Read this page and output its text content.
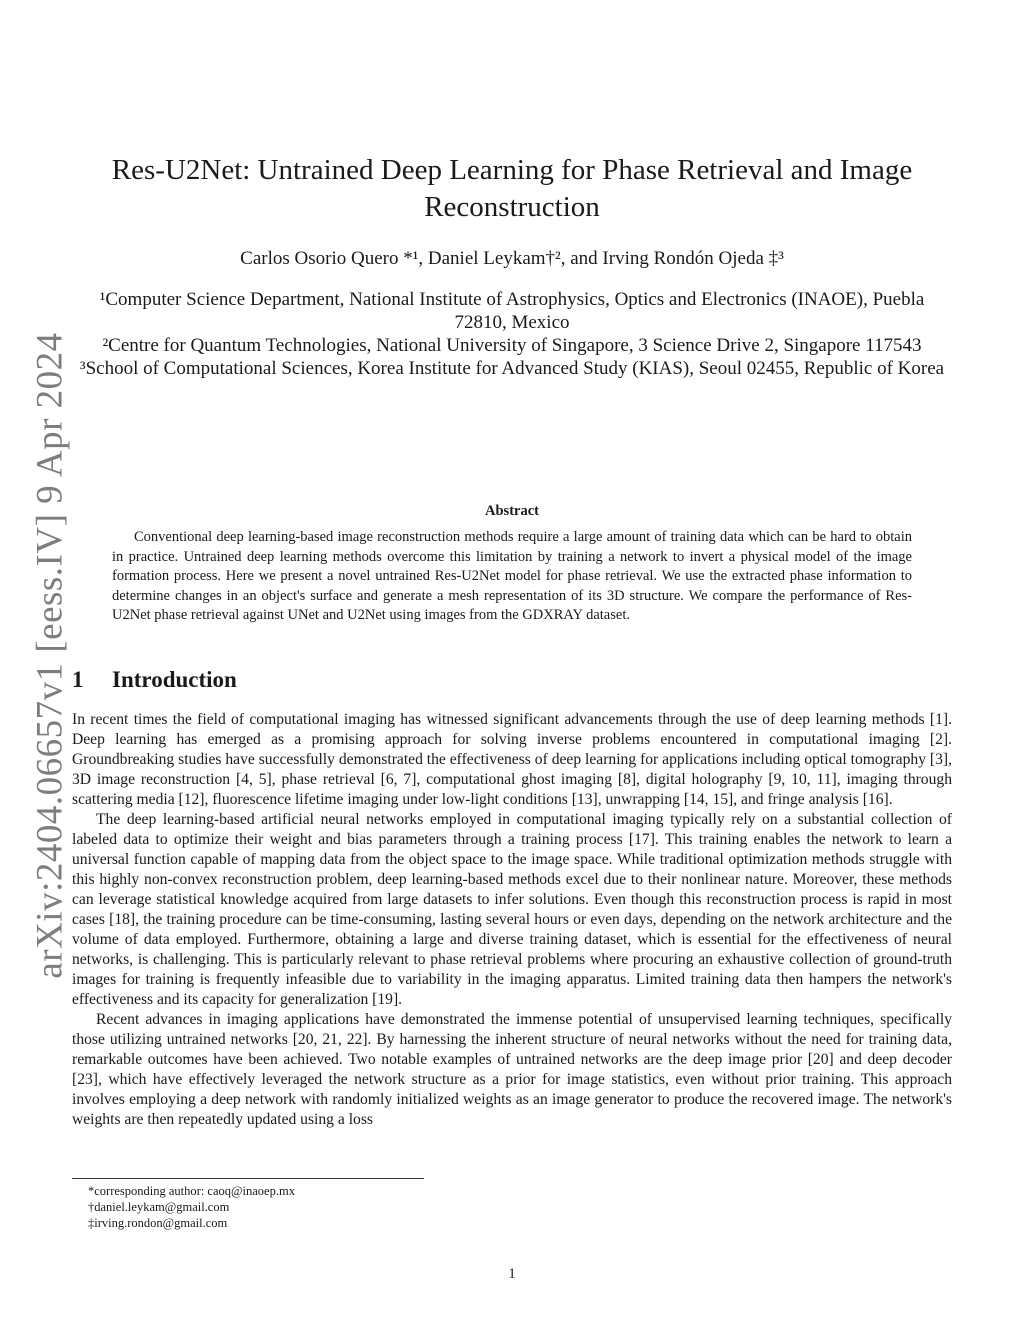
arXiv:2404.06657v1 [eess.IV] 9 Apr 2024
Res-U2Net: Untrained Deep Learning for Phase Retrieval and Image Reconstruction
Carlos Osorio Quero *¹, Daniel Leykam†², and Irving Rondón Ojeda ‡³

¹Computer Science Department, National Institute of Astrophysics, Optics and Electronics (INAOE), Puebla 72810, Mexico

²Centre for Quantum Technologies, National University of Singapore, 3 Science Drive 2, Singapore 117543

³School of Computational Sciences, Korea Institute for Advanced Study (KIAS), Seoul 02455, Republic of Korea

Abstract

Conventional deep learning-based image reconstruction methods require a large amount of training data which can be hard to obtain in practice. Untrained deep learning methods overcome this limitation by training a network to invert a physical model of the image formation process. Here we present a novel untrained Res-U2Net model for phase retrieval. We use the extracted phase information to determine changes in an object's surface and generate a mesh representation of its 3D structure. We compare the performance of Res-U2Net phase retrieval against UNet and U2Net using images from the GDXRAY dataset.

1 Introduction

In recent times the field of computational imaging has witnessed significant advancements through the use of deep learning methods [1]. Deep learning has emerged as a promising approach for solving inverse problems encountered in computational imaging [2]. Groundbreaking studies have successfully demonstrated the effectiveness of deep learning for applications including optical tomography [3], 3D image reconstruction [4, 5], phase retrieval [6, 7], computational ghost imaging [8], digital holography [9, 10, 11], imaging through scattering media [12], fluorescence lifetime imaging under low-light conditions [13], unwrapping [14, 15], and fringe analysis [16].

The deep learning-based artificial neural networks employed in computational imaging typically rely on a substantial collection of labeled data to optimize their weight and bias parameters through a training process [17]. This training enables the network to learn a universal function capable of mapping data from the object space to the image space. While traditional optimization methods struggle with this highly non-convex reconstruction problem, deep learning-based methods excel due to their nonlinear nature. Moreover, these methods can leverage statistical knowledge acquired from large datasets to infer solutions. Even though this reconstruction process is rapid in most cases [18], the training procedure can be time-consuming, lasting several hours or even days, depending on the network architecture and the volume of data employed. Furthermore, obtaining a large and diverse training dataset, which is essential for the effectiveness of neural networks, is challenging. This is particularly relevant to phase retrieval problems where procuring an exhaustive collection of ground-truth images for training is frequently infeasible due to variability in the imaging apparatus. Limited training data then hampers the network's effectiveness and its capacity for generalization [19].

Recent advances in imaging applications have demonstrated the immense potential of unsupervised learning techniques, specifically those utilizing untrained networks [20, 21, 22]. By harnessing the inherent structure of neural networks without the need for training data, remarkable outcomes have been achieved. Two notable examples of untrained networks are the deep image prior [20] and deep decoder [23], which have effectively leveraged the network structure as a prior for image statistics, even without prior training. This approach involves employing a deep network with randomly initialized weights as an image generator to produce the recovered image. The network's weights are then repeatedly updated using a loss

*corresponding author: caoq@inaoep.mx

†daniel.leykam@gmail.com

‡irving.rondon@gmail.com

1
